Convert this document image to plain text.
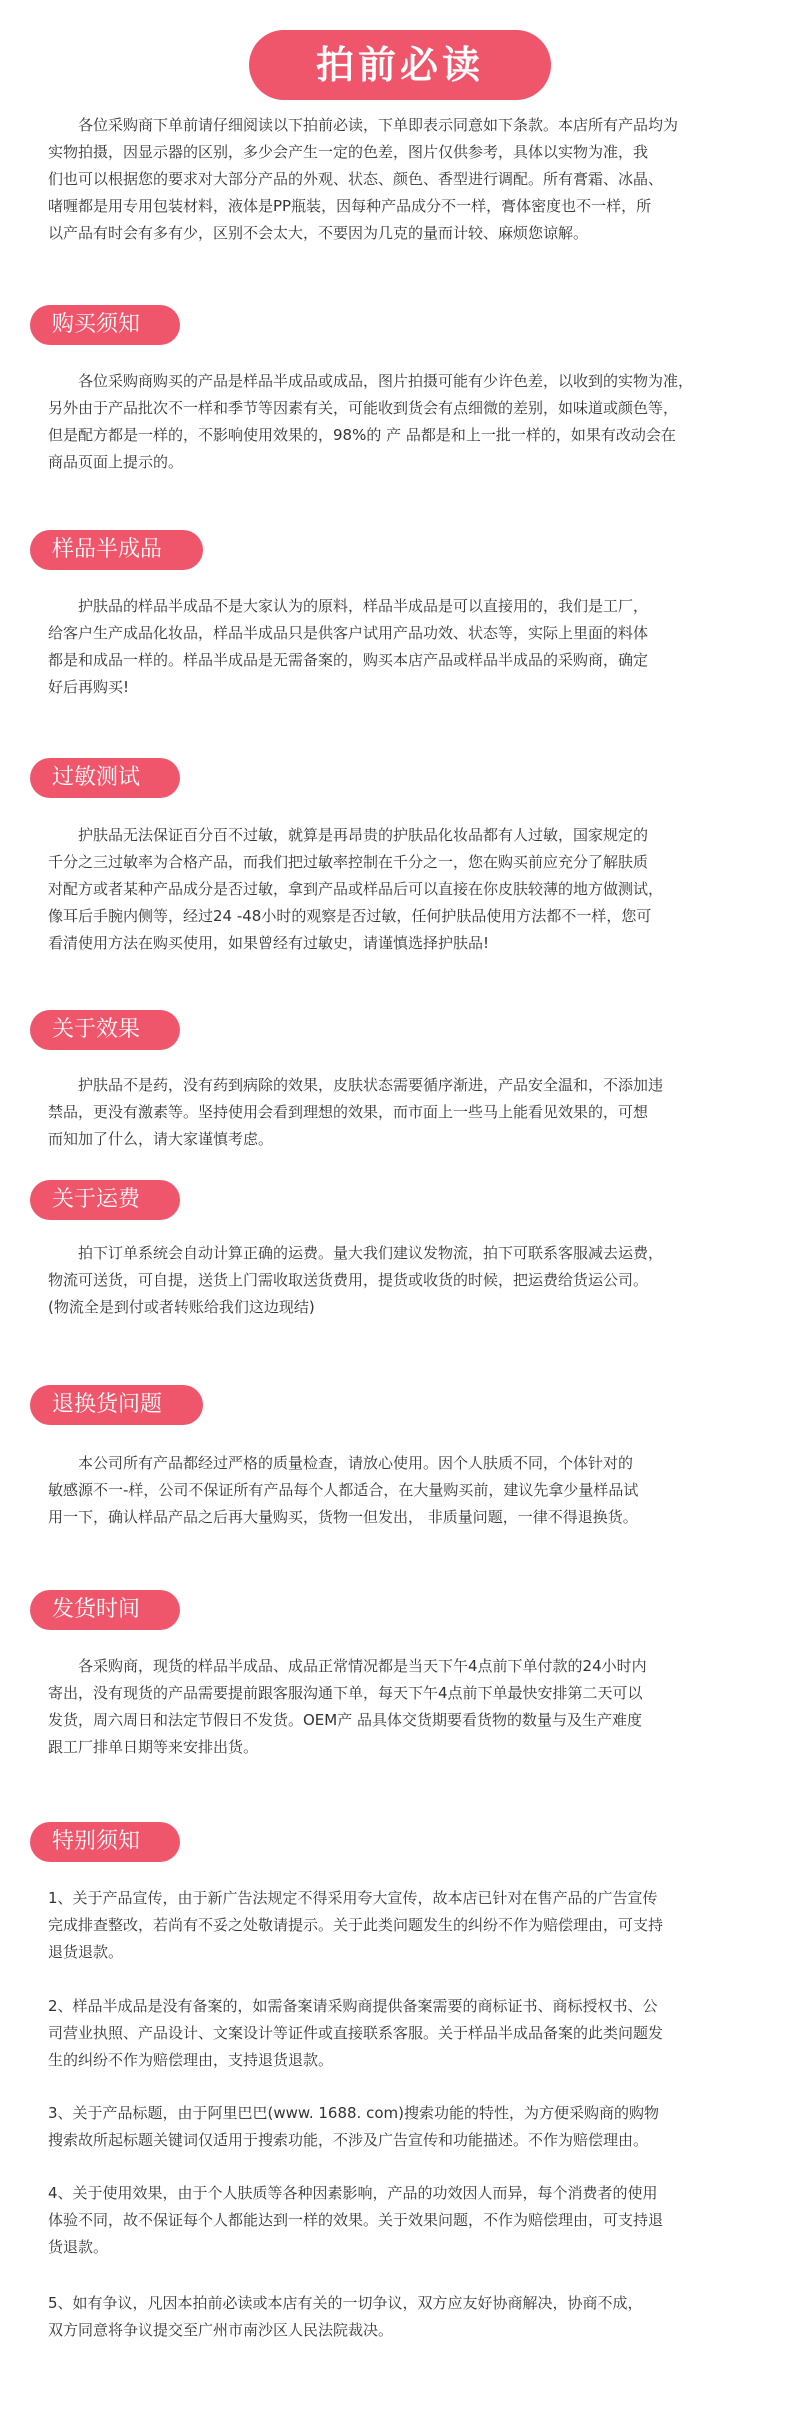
拍前必读
　　各位采购商下单前请仔细阅读以下拍前必读，下单即表示同意如下条款。本店所有产品均为
实物拍摄，因显示器的区别，多少会产生一定的色差，图片仅供参考，具体以实物为准，我
们也可以根据您的要求对大部分产品的外观、状态、颜色、香型进行调配。所有膏霜、冰晶、
啫喱都是用专用包装材料，液体是PP瓶装，因每种产品成分不一样，膏体密度也不一样，所
以产品有时会有多有少，区别不会太大，不要因为几克的量而计较、麻烦您谅解。
购买须知
　　各位采购商购买的产品是样品半成品或成品，图片拍摄可能有少许色差，以收到的实物为准，
另外由于产品批次不一样和季节等因素有关，可能收到货会有点细微的差别，如味道或颜色等，
但是配方都是一样的，不影响使用效果的，98%的 产 品都是和上一批一样的，如果有改动会在
商品页面上提示的。
样品半成品
　　护肤品的样品半成品不是大家认为的原料，样品半成品是可以直接用的，我们是工厂，
给客户生产成品化妆品，样品半成品只是供客户试用产品功效、状态等，实际上里面的料体
都是和成品一样的。样品半成品是无需备案的，购买本店产品或样品半成品的采购商，确定
好后再购买!
过敏测试
　　护肤品无法保证百分百不过敏，就算是再昂贵的护肤品化妆品都有人过敏，国家规定的
千分之三过敏率为合格产品，而我们把过敏率控制在千分之一，您在购买前应充分了解肤质
对配方或者某种产品成分是否过敏，拿到产品或样品后可以直接在你皮肤较薄的地方做测试，
像耳后手腕内侧等，经过24 -48小时的观察是否过敏，任何护肤品使用方法都不一样，您可
看清使用方法在购买使用，如果曾经有过敏史，请谨慎选择护肤品!
关于效果
　　护肤品不是药，没有药到病除的效果，皮肤状态需要循序渐进，产品安全温和，不添加违
禁品，更没有激素等。坚持使用会看到理想的效果，而市面上一些马上能看见效果的，可想
而知加了什么，请大家谨慎考虑。
关于运费
　　拍下订单系统会自动计算正确的运费。量大我们建议发物流，拍下可联系客服减去运费，
物流可送货，可自提，送货上门需收取送货费用，提货或收货的时候，把运费给货运公司。
(物流全是到付或者转账给我们这边现结)
退换货问题
　　本公司所有产品都经过严格的质量检查，请放心使用。因个人肤质不同，个体针对的
敏感源不一-样，公司不保证所有产品每个人都适合，在大量购买前，建议先拿少量样品试
用一下，确认样品产品之后再大量购买，货物一但发出， 非质量问题，一律不得退换货。
发货时间
　　各采购商，现货的样品半成品、成品正常情况都是当天下午4点前下单付款的24小时内
寄出，没有现货的产品需要提前跟客服沟通下单，每天下午4点前下单最快安排第二天可以
发货，周六周日和法定节假日不发货。OEM产 品具体交货期要看货物的数量与及生产难度
跟工厂排单日期等来安排出货。
特别须知
1、关于产品宣传，由于新广告法规定不得采用夸大宣传，故本店已针对在售产品的广告宣传
完成排查整改，若尚有不妥之处敬请提示。关于此类问题发生的纠纷不作为赔偿理由，可支持
退货退款。
2、样品半成品是没有备案的，如需备案请采购商提供备案需要的商标证书、商标授权书、公
司营业执照、产品设计、文案设计等证件或直接联系客服。关于样品半成品备案的此类问题发
生的纠纷不作为赔偿理由，支持退货退款。
3、关于产品标题，由于阿里巴巴(www. 1688. com)搜索功能的特性，为方便采购商的购物
搜索故所起标题关键词仅适用于搜索功能，不涉及广告宣传和功能描述。不作为赔偿理由。
4、关于使用效果，由于个人肤质等各种因素影响，产品的功效因人而异，每个消费者的使用
体验不同，故不保证每个人都能达到一样的效果。关于效果问题，不作为赔偿理由，可支持退
货退款。
5、如有争议，凡因本拍前必读或本店有关的一切争议，双方应友好协商解决，协商不成，
双方同意将争议提交至广州市南沙区人民法院裁决。
